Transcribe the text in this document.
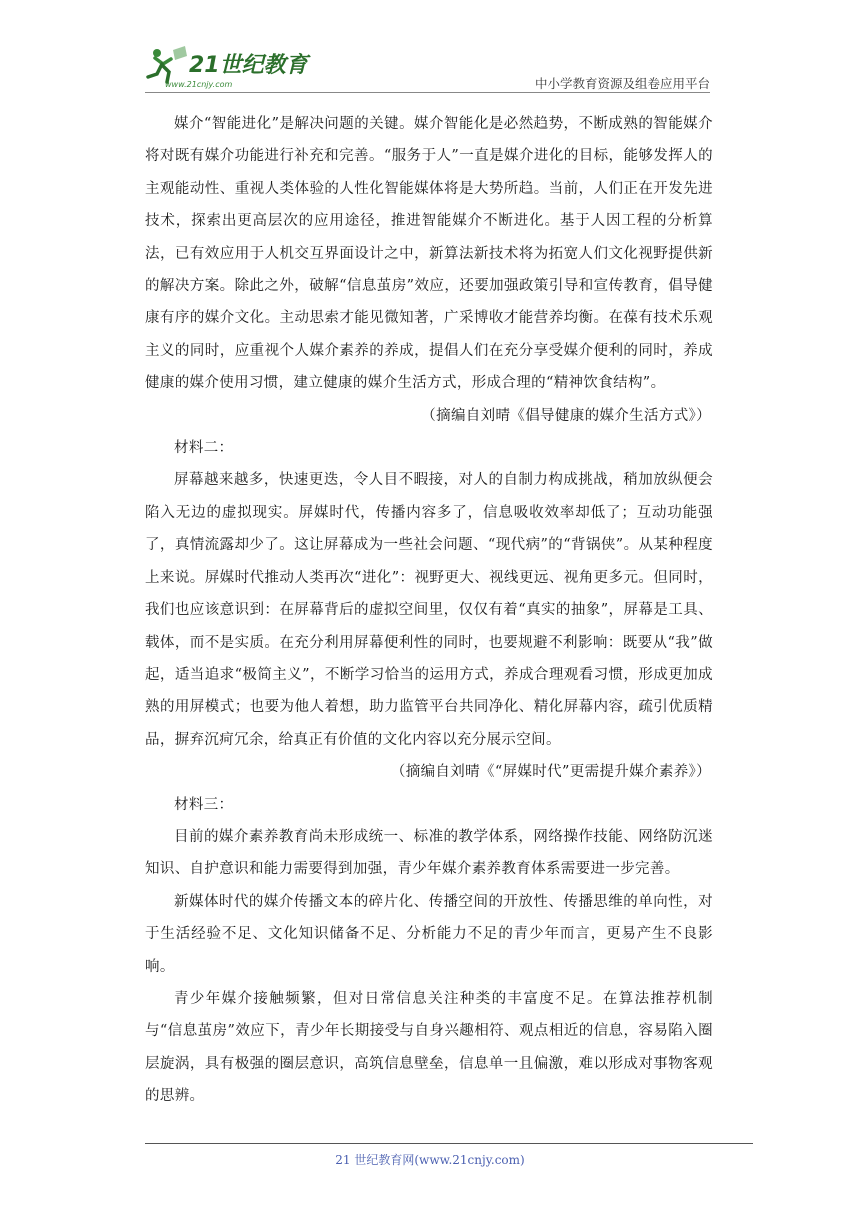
21世纪教育
www.21cnjy.com	中小学教育资源及组卷应用平台

媒介“智能进化”是解决问题的关键。媒介智能化是必然趋势，不断成熟的智能媒介将对既有媒介功能进行补充和完善。“服务于人”一直是媒介进化的目标，能够发挥人的主观能动性、重视人类体验的人性化智能媒体将是大势所趋。当前，人们正在开发先进技术，探索出更高层次的应用途径，推进智能媒介不断进化。基于人因工程的分析算法，已有效应用于人机交互界面设计之中，新算法新技术将为拓宽人们文化视野提供新的解决方案。除此之外，破解“信息茧房”效应，还要加强政策引导和宣传教育，倡导健康有序的媒介文化。主动思索才能见微知著，广采博收才能营养均衡。在葆有技术乐观主义的同时，应重视个人媒介素养的养成，提倡人们在充分享受媒介便利的同时，养成健康的媒介使用习惯，建立健康的媒介生活方式，形成合理的“精神饮食结构”。

（摘编自刘晴《倡导健康的媒介生活方式》）

材料二：

屏幕越来越多，快速更迭，令人目不暇接，对人的自制力构成挑战，稍加放纵便会陷入无边的虚拟现实。屏媒时代，传播内容多了，信息吸收效率却低了；互动功能强了，真情流露却少了。这让屏幕成为一些社会问题、“现代病”的“背锅侠”。从某种程度上来说。屏媒时代推动人类再次“进化”：视野更大、视线更远、视角更多元。但同时，我们也应该意识到：在屏幕背后的虚拟空间里，仅仅有着“真实的抽象”，屏幕是工具、载体，而不是实质。在充分利用屏幕便利性的同时，也要规避不利影响：既要从“我”做起，适当追求“极简主义”，不断学习恰当的运用方式，养成合理观看习惯，形成更加成熟的用屏模式；也要为他人着想，助力监管平台共同净化、精化屏幕内容，疏引优质精品，摒弃沉疴冗余，给真正有价值的文化内容以充分展示空间。

（摘编自刘晴《“屏媒时代”更需提升媒介素养》）

材料三：

目前的媒介素养教育尚未形成统一、标准的教学体系，网络操作技能、网络防沉迷知识、自护意识和能力需要得到加强，青少年媒介素养教育体系需要进一步完善。

新媒体时代的媒介传播文本的碎片化、传播空间的开放性、传播思维的单向性，对于生活经验不足、文化知识储备不足、分析能力不足的青少年而言，更易产生不良影响。

青少年媒介接触频繁，但对日常信息关注种类的丰富度不足。在算法推荐机制与“信息茧房”效应下，青少年长期接受与自身兴趣相符、观点相近的信息，容易陷入圈层旋涡，具有极强的圈层意识，高筑信息壁垒，信息单一且偏激，难以形成对事物客观的思辨。

21 世纪教育网(www.21cnjy.com)
